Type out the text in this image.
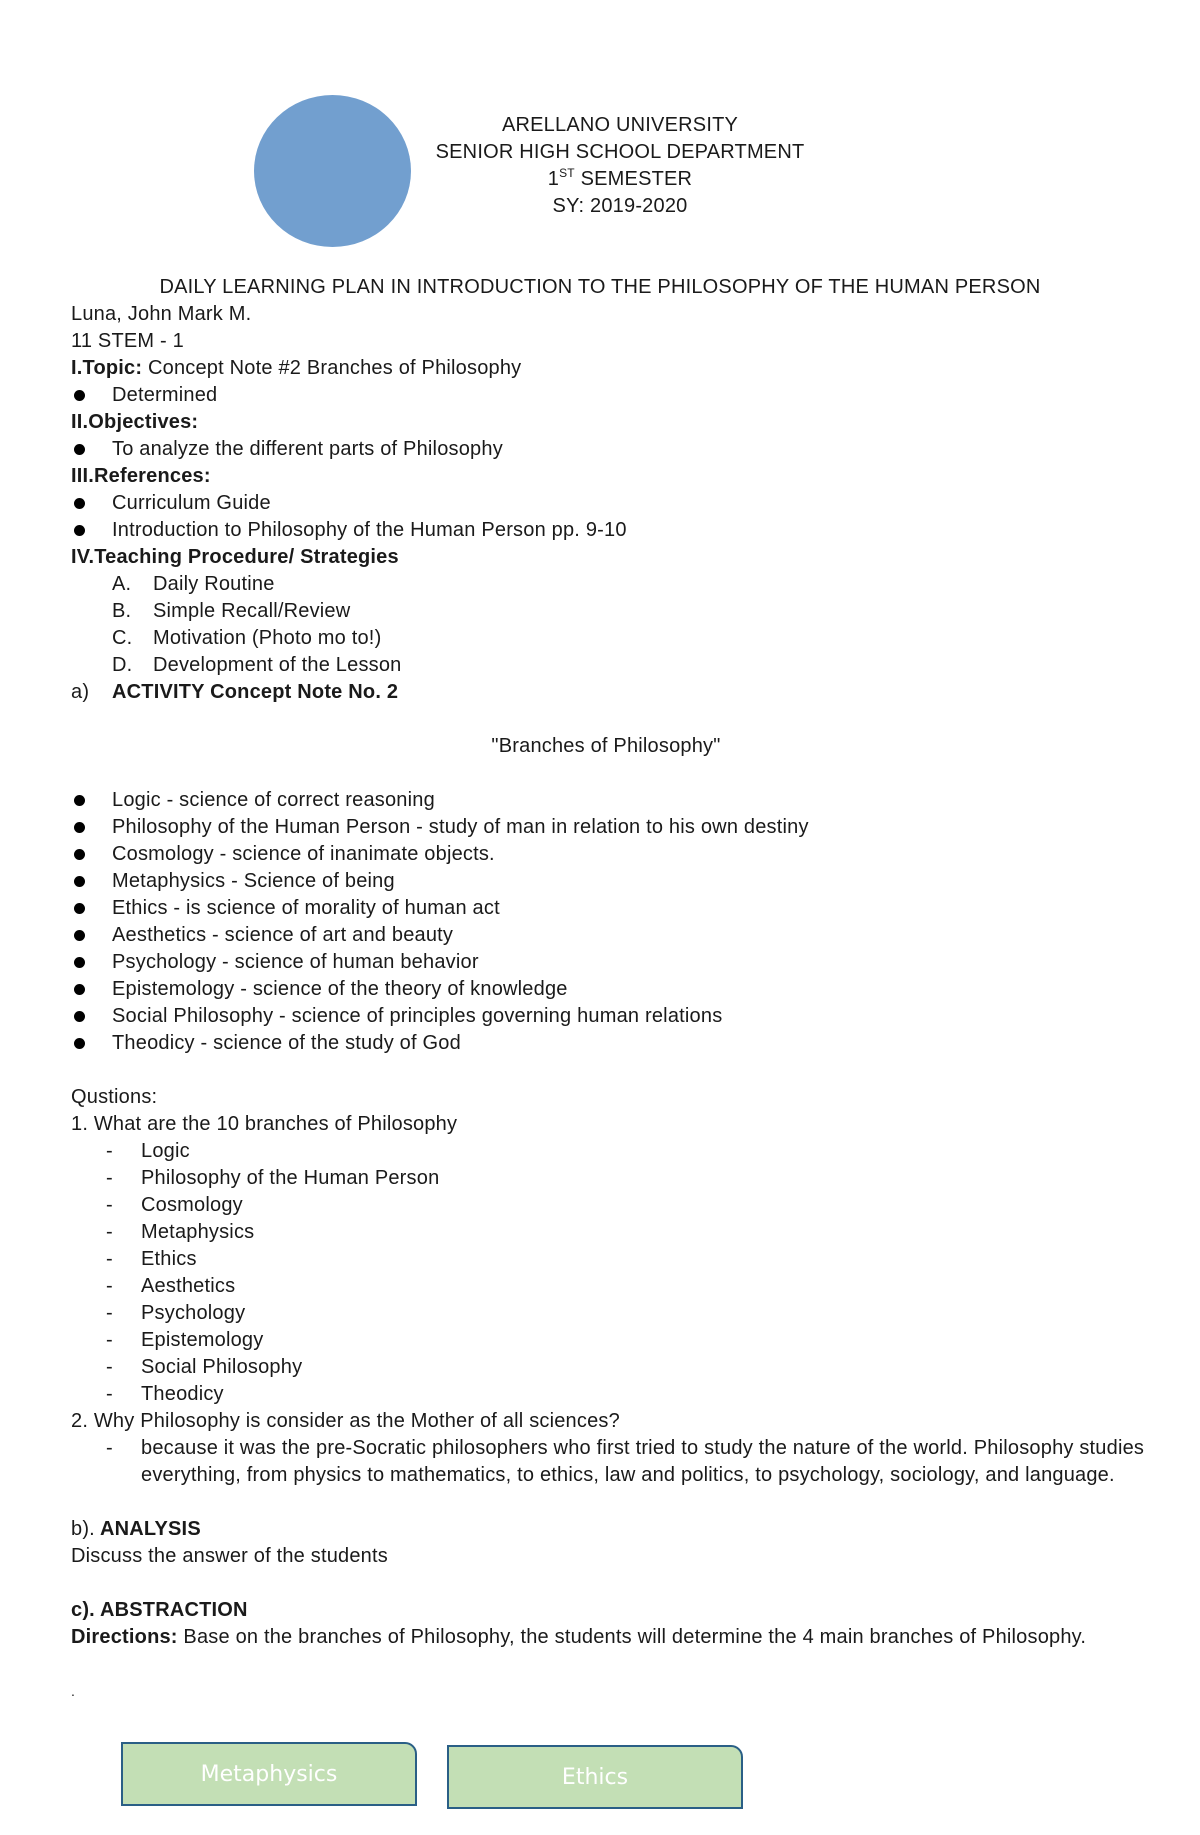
ARELLANO UNIVERSITY
SENIOR HIGH SCHOOL DEPARTMENT
1ST SEMESTER
SY: 2019-2020
DAILY LEARNING PLAN IN INTRODUCTION TO THE PHILOSOPHY OF THE HUMAN PERSON
Luna, John Mark M.
11 STEM - 1
I.Topic: Concept Note #2 Branches of Philosophy
Determined
II.Objectives:
To analyze the different parts of Philosophy
III.References:
Curriculum Guide
Introduction to Philosophy of the Human Person pp. 9-10
IV.Teaching Procedure/ Strategies
A. Daily Routine
B. Simple Recall/Review
C. Motivation (Photo mo to!)
D. Development of the Lesson
a) ACTIVITY Concept Note No. 2
"Branches of Philosophy"
Logic - science of correct reasoning
Philosophy of the Human Person - study of man in relation to his own destiny
Cosmology - science of inanimate objects.
Metaphysics - Science of being
Ethics - is science of morality of human act
Aesthetics - science of art and beauty
Psychology - science of human behavior
Epistemology - science of the theory of knowledge
Social Philosophy - science of principles governing human relations
Theodicy - science of the study of God
Qustions:
1. What are the 10 branches of Philosophy
- Logic
- Philosophy of the Human Person
- Cosmology
- Metaphysics
- Ethics
- Aesthetics
- Psychology
- Epistemology
- Social Philosophy
- Theodicy
2. Why Philosophy is consider as the Mother of all sciences?
- because it was the pre-Socratic philosophers who first tried to study the nature of the world. Philosophy studies everything, from physics to mathematics, to ethics, law and politics, to psychology, sociology, and language.
b). ANALYSIS
Discuss the answer of the students
c). ABSTRACTION
Directions: Base on the branches of Philosophy, the students will determine the 4 main branches of Philosophy.
.
Metaphysics	Ethics
